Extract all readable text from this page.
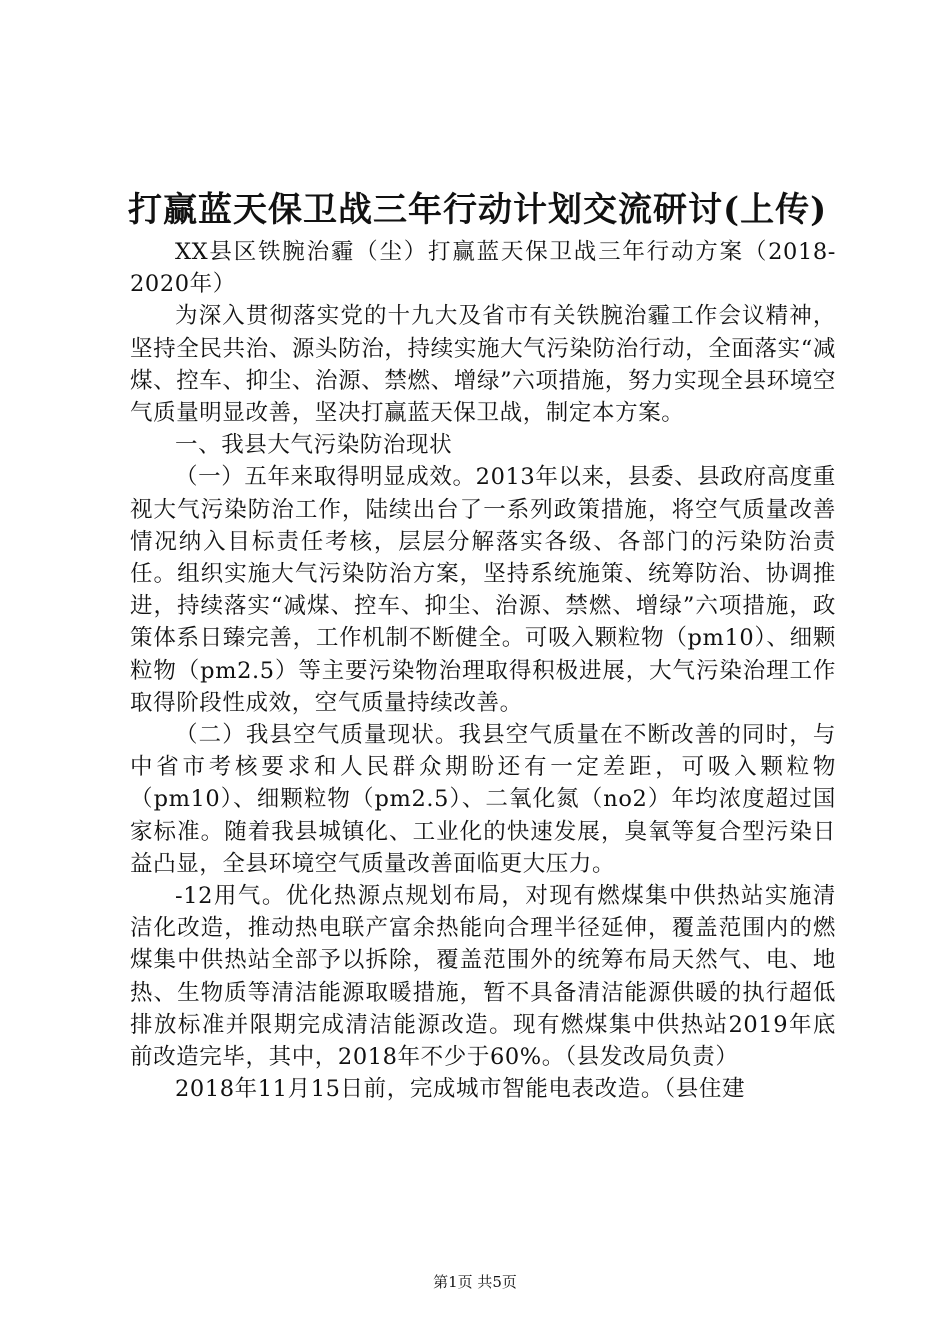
打赢蓝天保卫战三年行动计划交流研讨(上传)

XX县区铁腕治霾（尘）打赢蓝天保卫战三年行动方案（2018-2020年）

为深入贯彻落实党的十九大及省市有关铁腕治霾工作会议精神，坚持全民共治、源头防治，持续实施大气污染防治行动，全面落实“减煤、控车、抑尘、治源、禁燃、增绿”六项措施，努力实现全县环境空气质量明显改善，坚决打赢蓝天保卫战，制定本方案。

一、我县大气污染防治现状

（一）五年来取得明显成效。2013年以来，县委、县政府高度重视大气污染防治工作，陆续出台了一系列政策措施，将空气质量改善情况纳入目标责任考核，层层分解落实各级、各部门的污染防治责任。组织实施大气污染防治方案，坚持系统施策、统筹防治、协调推进，持续落实“减煤、控车、抑尘、治源、禁燃、增绿”六项措施，政策体系日臻完善，工作机制不断健全。可吸入颗粒物（pm10）、细颗粒物（pm2.5）等主要污染物治理取得积极进展，大气污染治理工作取得阶段性成效，空气质量持续改善。

（二）我县空气质量现状。我县空气质量在不断改善的同时，与中省市考核要求和人民群众期盼还有一定差距，可吸入颗粒物（pm10）、细颗粒物（pm2.5）、二氧化氮（no2）年均浓度超过国家标准。随着我县城镇化、工业化的快速发展，臭氧等复合型污染日益凸显，全县环境空气质量改善面临更大压力。

-12用气。优化热源点规划布局，对现有燃煤集中供热站实施清洁化改造，推动热电联产富余热能向合理半径延伸，覆盖范围内的燃煤集中供热站全部予以拆除，覆盖范围外的统筹布局天然气、电、地热、生物质等清洁能源取暖措施，暂不具备清洁能源供暖的执行超低排放标准并限期完成清洁能源改造。现有燃煤集中供热站2019年底前改造完毕，其中，2018年不少于60%。（县发改局负责）

2018年11月15日前，完成城市智能电表改造。（县住建

第1页 共5页
